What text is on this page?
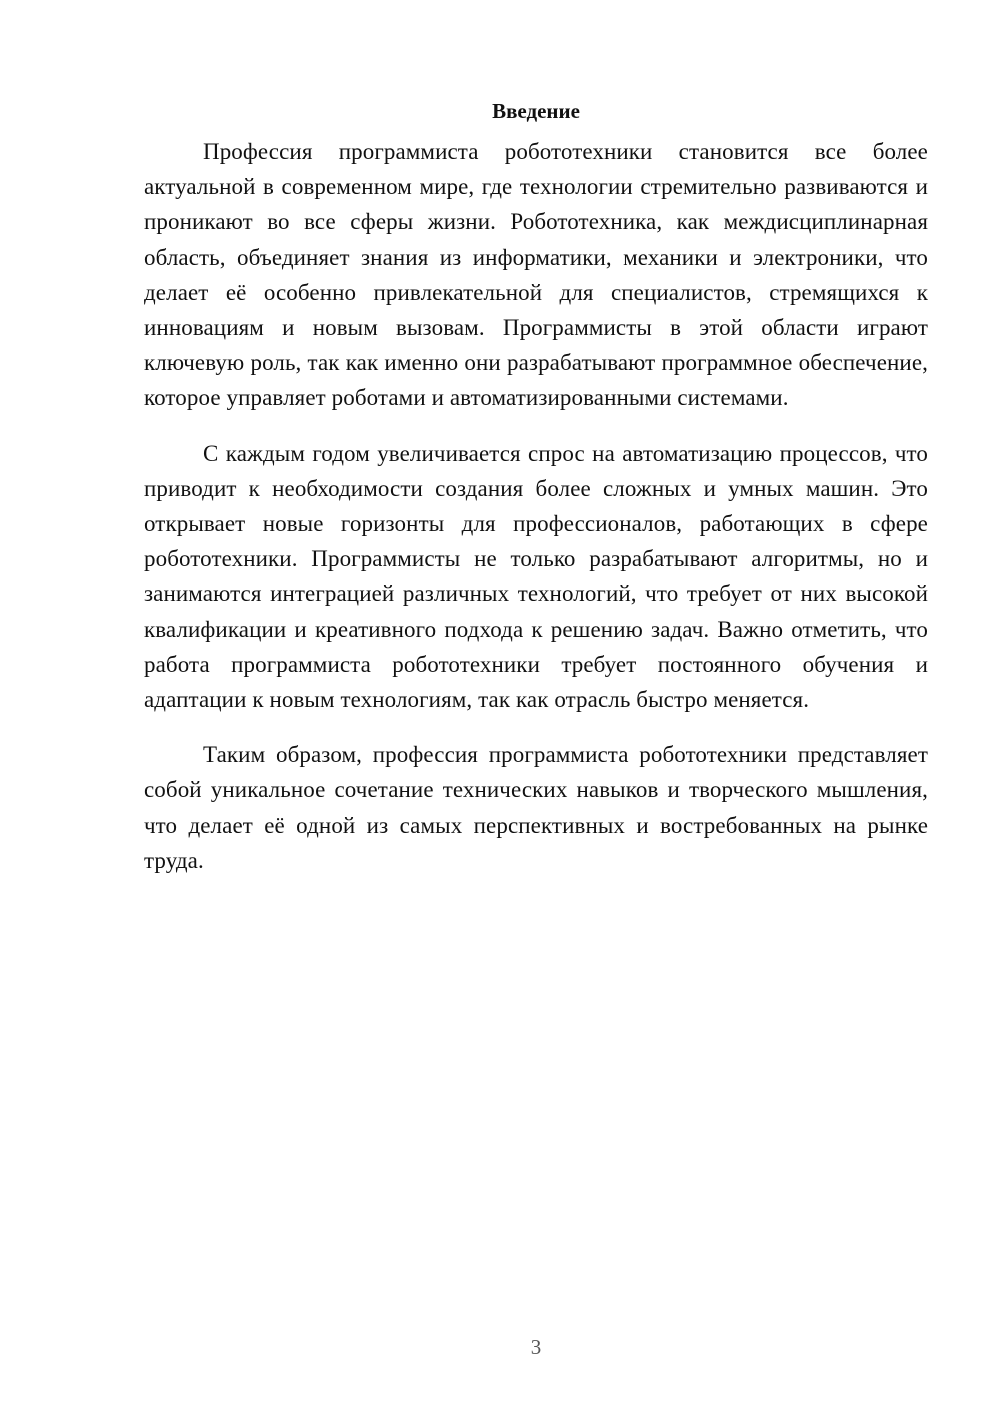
Введение

Профессия программиста робототехники становится все более актуальной в современном мире, где технологии стремительно развиваются и проникают во все сферы жизни. Робототехника, как междисциплинарная область, объединяет знания из информатики, механики и электроники, что делает её особенно привлекательной для специалистов, стремящихся к инновациям и новым вызовам. Программисты в этой области играют ключевую роль, так как именно они разрабатывают программное обеспечение, которое управляет роботами и автоматизированными системами.

С каждым годом увеличивается спрос на автоматизацию процессов, что приводит к необходимости создания более сложных и умных машин. Это открывает новые горизонты для профессионалов, работающих в сфере робототехники. Программисты не только разрабатывают алгоритмы, но и занимаются интеграцией различных технологий, что требует от них высокой квалификации и креативного подхода к решению задач. Важно отметить, что работа программиста робототехники требует постоянного обучения и адаптации к новым технологиям, так как отрасль быстро меняется.

Таким образом, профессия программиста робототехники представляет собой уникальное сочетание технических навыков и творческого мышления, что делает её одной из самых перспективных и востребованных на рынке труда.

3
